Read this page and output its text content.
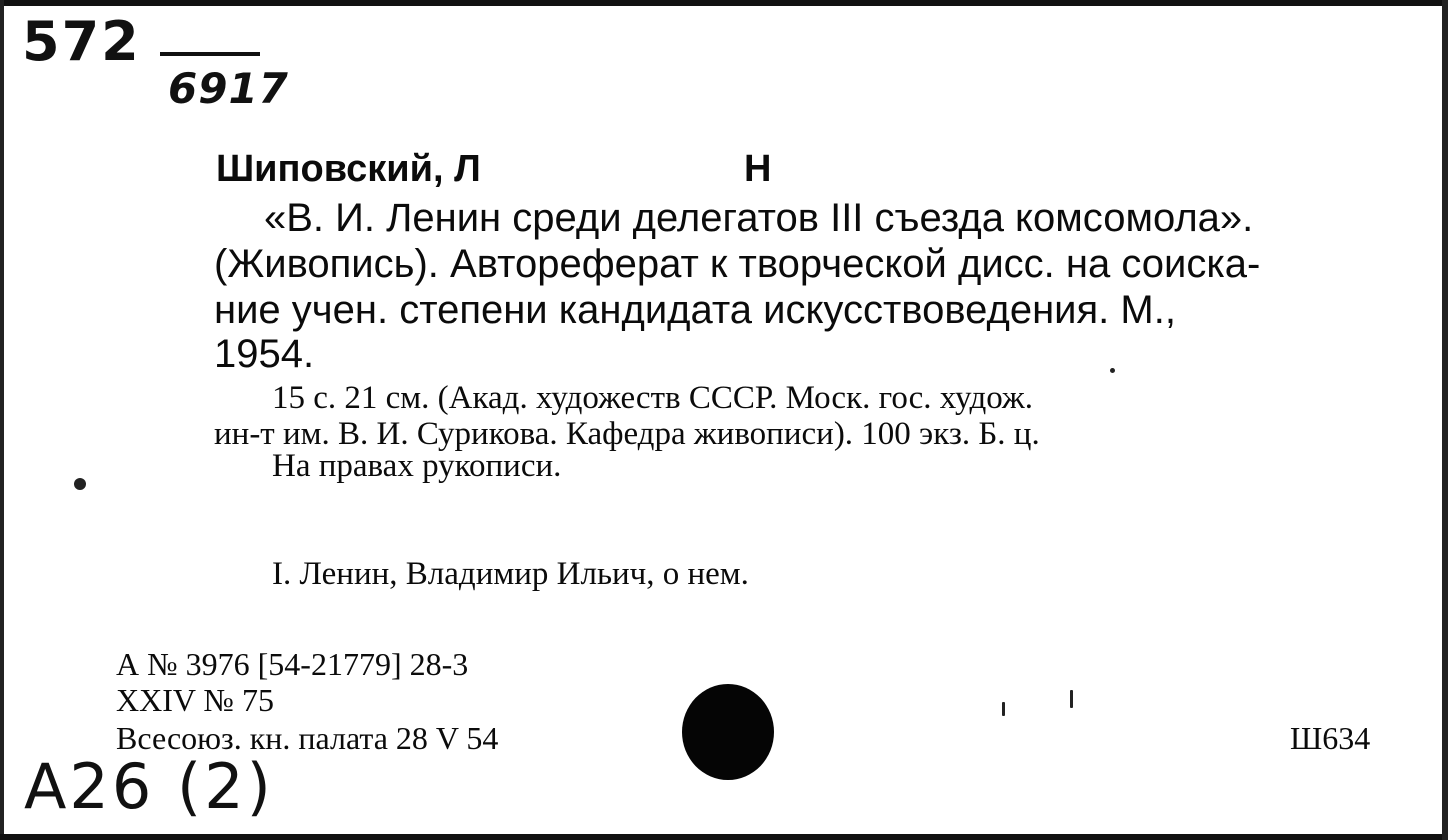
572
6917
Шиповский, Л	Н
«В. И. Ленин среди делегатов III съезда комсомола».
(Живопись). Автореферат к творческой дисс. на соиска-
ние учен. степени кандидата искусствоведения. М.,
1954.
15 с. 21 см. (Акад. художеств СССР. Моск. гос. худож.
ин-т им. В. И. Сурикова. Кафедра живописи). 100 экз. Б. ц.
На правах рукописи.
I. Ленин, Владимир Ильич, о нем.
А № 3976 [54-21779] 28-3
XXIV № 75
Всесоюз. кн. палата 28 V 54	Ш634
A26 (2)
